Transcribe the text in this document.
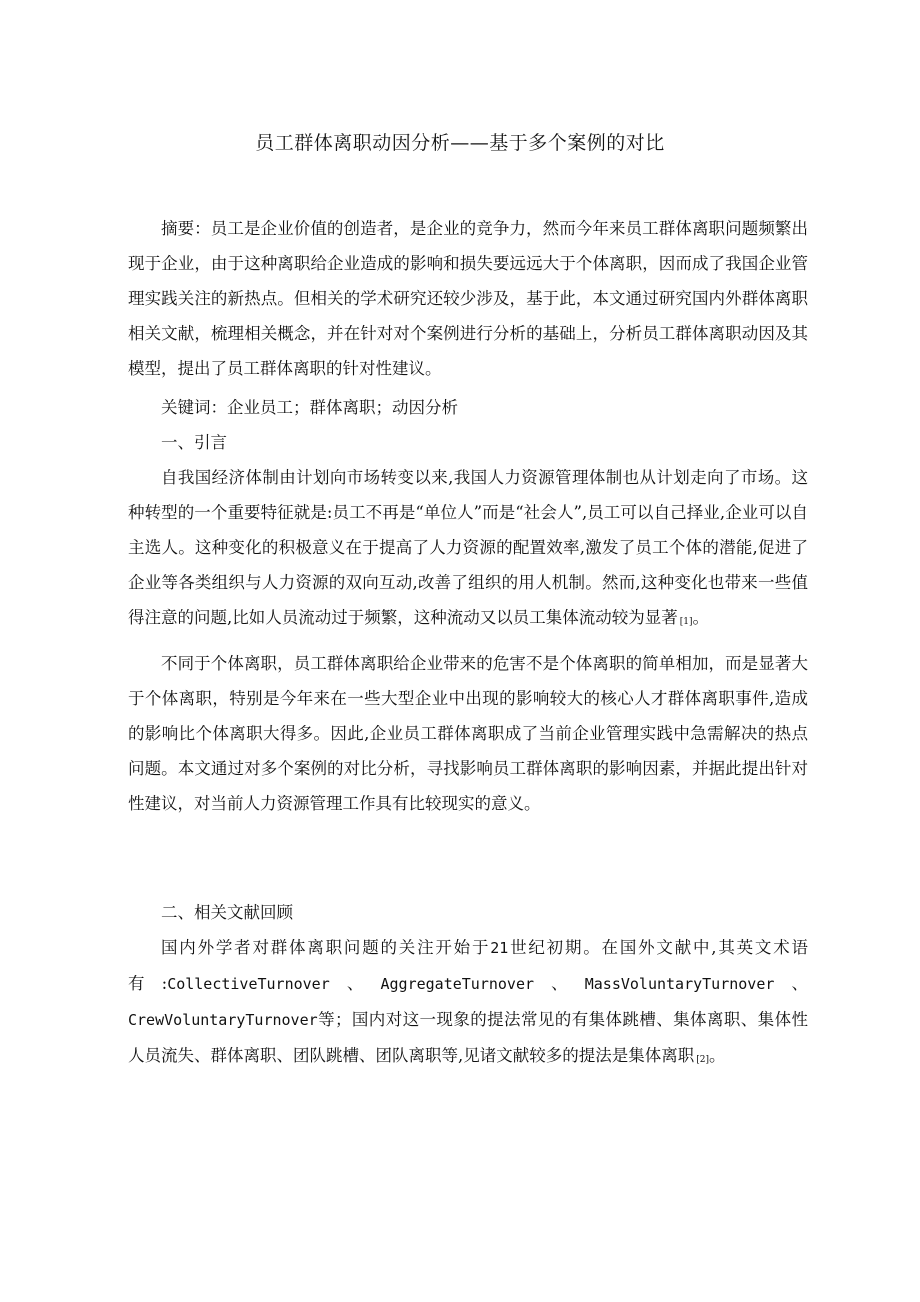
员工群体离职动因分析——基于多个案例的对比

摘要：员工是企业价值的创造者，是企业的竞争力，然而今年来员工群体离职问题频繁出现于企业，由于这种离职给企业造成的影响和损失要远远大于个体离职，因而成了我国企业管理实践关注的新热点。但相关的学术研究还较少涉及，基于此，本文通过研究国内外群体离职相关文献，梳理相关概念，并在针对对个案例进行分析的基础上，分析员工群体离职动因及其模型，提出了员工群体离职的针对性建议。

关键词：企业员工；群体离职；动因分析

一、引言

自我国经济体制由计划向市场转变以来,我国人力资源管理体制也从计划走向了市场。这种转型的一个重要特征就是:员工不再是“单位人”而是“社会人”,员工可以自己择业,企业可以自主选人。这种变化的积极意义在于提高了人力资源的配置效率,激发了员工个体的潜能,促进了企业等各类组织与人力资源的双向互动,改善了组织的用人机制。然而,这种变化也带来一些值得注意的问题,比如人员流动过于频繁，这种流动又以员工集体流动较为显著 [1]。

不同于个体离职，员工群体离职给企业带来的危害不是个体离职的简单相加，而是显著大于个体离职，特别是今年来在一些大型企业中出现的影响较大的核心人才群体离职事件,造成的影响比个体离职大得多。因此,企业员工群体离职成了当前企业管理实践中急需解决的热点问题。本文通过对多个案例的对比分析，寻找影响员工群体离职的影响因素，并据此提出针对性建议，对当前人力资源管理工作具有比较现实的意义。

二、相关文献回顾

国内外学者对群体离职问题的关注开始于21世纪初期。在国外文献中,其英文术语有:CollectiveTurnover、AggregateTurnover、MassVoluntaryTurnover、CrewVoluntaryTurnover等；国内对这一现象的提法常见的有集体跳槽、集体离职、集体性人员流失、群体离职、团队跳槽、团队离职等,见诸文献较多的提法是集体离职 [2]。
